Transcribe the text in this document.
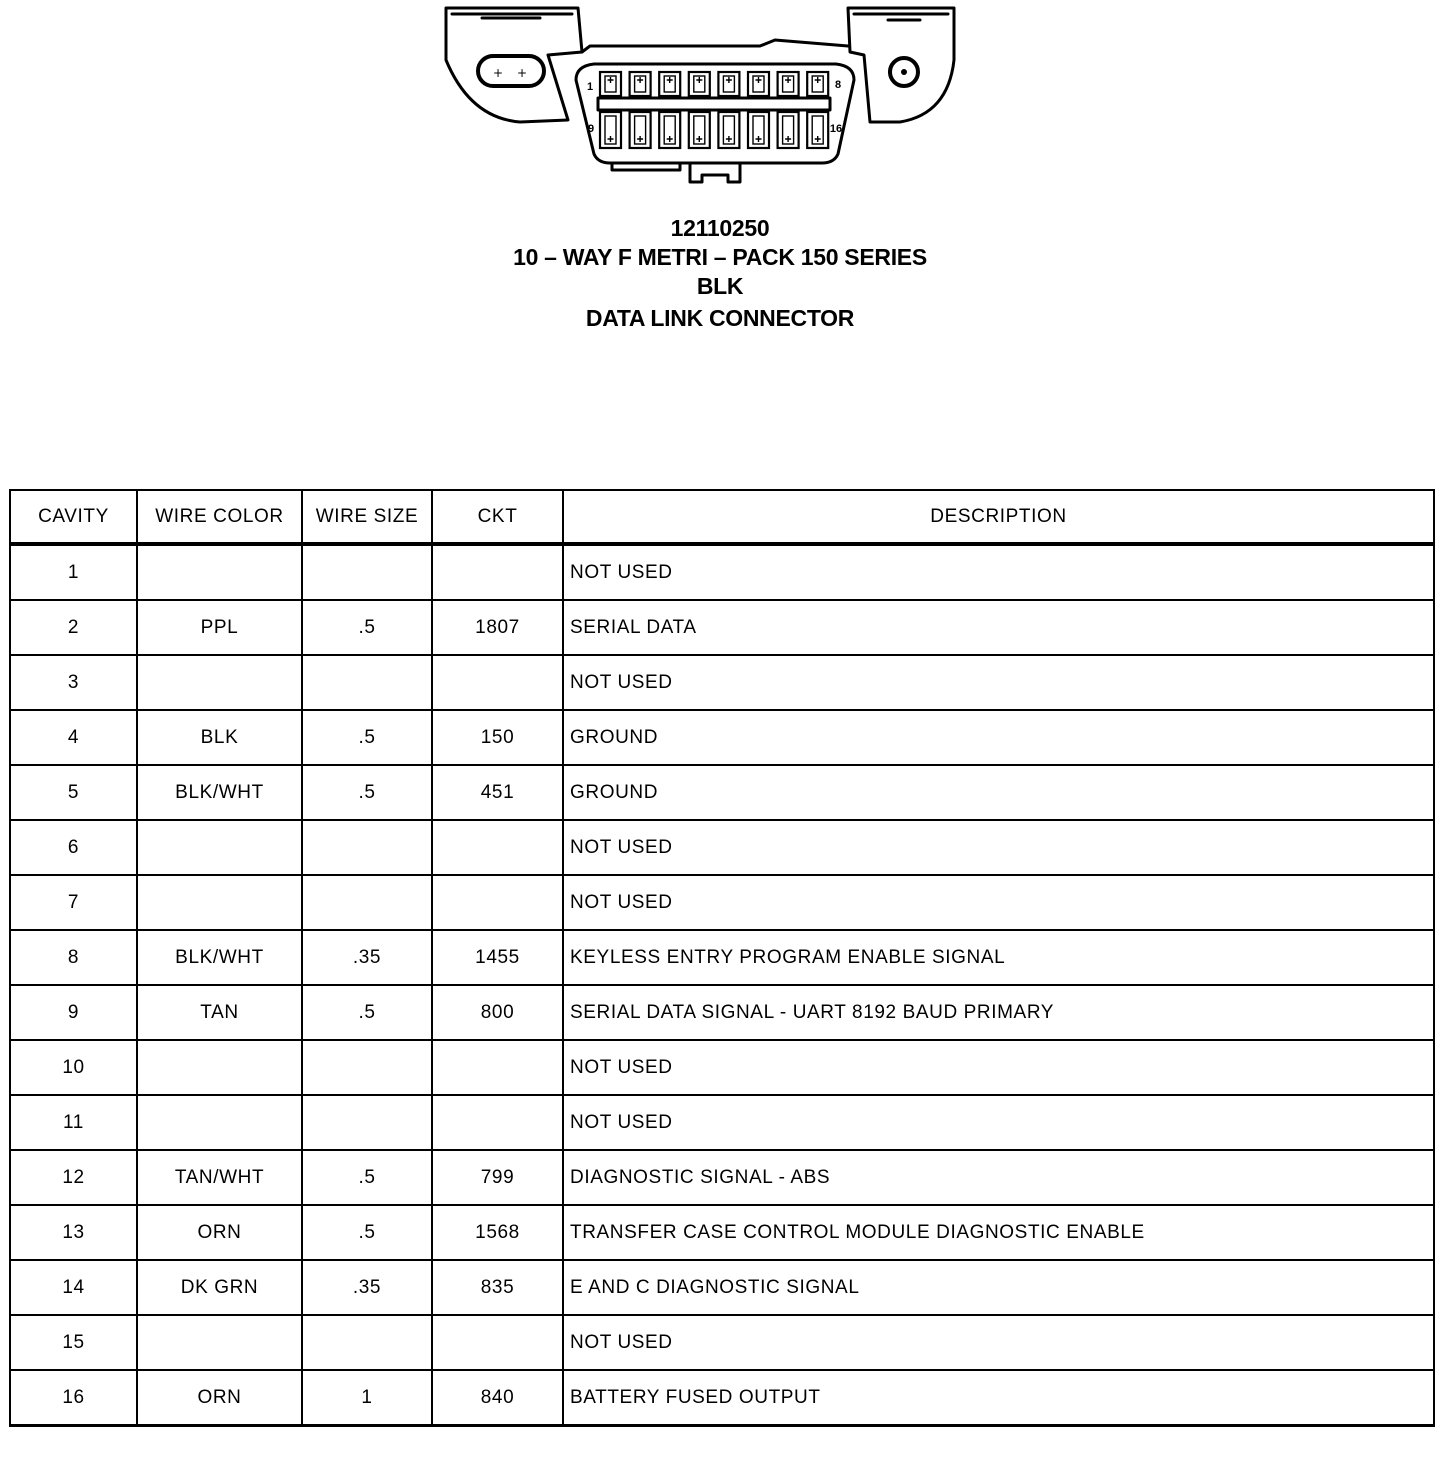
+ +
1	8
9	16
12110250
10 – WAY F METRI – PACK 150 SERIES
BLK
DATA LINK CONNECTOR
CAVITY	WIRE COLOR	WIRE SIZE	CKT	DESCRIPTION
1				NOT USED
2	PPL	.5	1807	SERIAL DATA
3				NOT USED
4	BLK	.5	150	GROUND
5	BLK/WHT	.5	451	GROUND
6				NOT USED
7				NOT USED
8	BLK/WHT	.35	1455	KEYLESS ENTRY PROGRAM ENABLE SIGNAL
9	TAN	.5	800	SERIAL DATA SIGNAL - UART 8192 BAUD PRIMARY
10				NOT USED
11				NOT USED
12	TAN/WHT	.5	799	DIAGNOSTIC SIGNAL - ABS
13	ORN	.5	1568	TRANSFER CASE CONTROL MODULE DIAGNOSTIC ENABLE
14	DK GRN	.35	835	E AND C DIAGNOSTIC SIGNAL
15				NOT USED
16	ORN	1	840	BATTERY FUSED OUTPUT
